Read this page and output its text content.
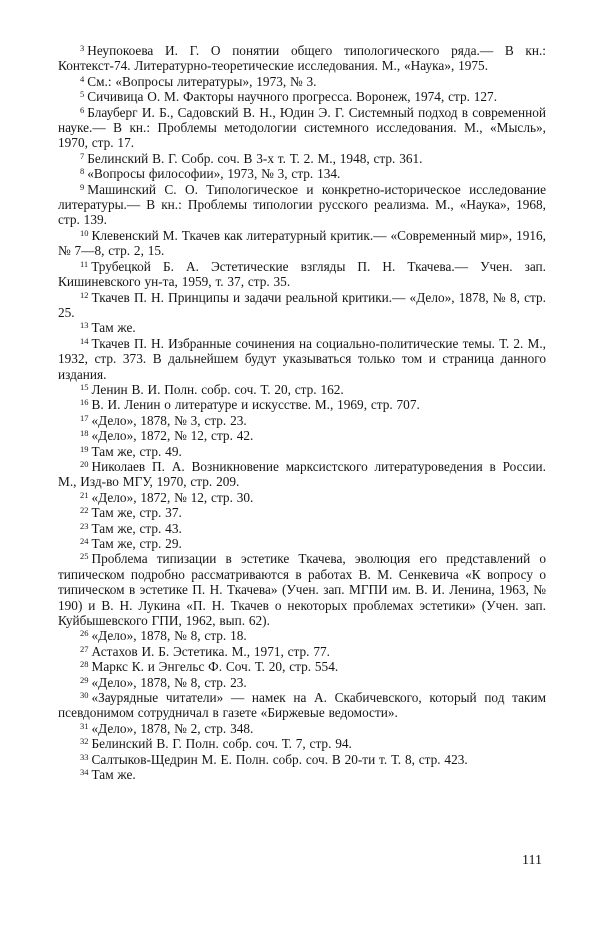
$^3$ Неупокоева И. Г. О понятии общего типологического ряда.— В кн.: Контекст-74. Литературно-теоретические исследования. М., «Наука», 1975.
$^4$ См.: «Вопросы литературы», 1973, № 3.
$^5$ Сичивица О. М. Факторы научного прогресса. Воронеж, 1974, стр. 127.
$^6$ Блауберг И. Б., Садовский В. Н., Юдин Э. Г. Системный подход в современной науке.— В кн.: Проблемы методологии системного исследования. М., «Мысль», 1970, стр. 17.
$^7$ Белинский В. Г. Собр. соч. В 3-х т. Т. 2. М., 1948, стр. 361.
$^8$ «Вопросы философии», 1973, № 3, стр. 134.
$^9$ Машинский С. О. Типологическое и конкретно-историческое исследование литературы.— В кн.: Проблемы типологии русского реализма. М., «Наука», 1968, стр. 139.
$^{10}$ Клевенский М. Ткачев как литературный критик.— «Современный мир», 1916, № 7—8, стр. 2, 15.
$^{11}$ Трубецкой Б. А. Эстетические взгляды П. Н. Ткачева.— Учен. зап. Кишиневского ун-та, 1959, т. 37, стр. 35.
$^{12}$ Ткачев П. Н. Принципы и задачи реальной критики.— «Дело», 1878, № 8, стр. 25.
$^{13}$ Там же.
$^{14}$ Ткачев П. Н. Избранные сочинения на социально-политические темы. Т. 2. М., 1932, стр. 373. В дальнейшем будут указываться только том и страница данного издания.
$^{15}$ Ленин В. И. Полн. собр. соч. Т. 20, стр. 162.
$^{16}$ В. И. Ленин о литературе и искусстве. М., 1969, стр. 707.
$^{17}$ «Дело», 1878, № 3, стр. 23.
$^{18}$ «Дело», 1872, № 12, стр. 42.
$^{19}$ Там же, стр. 49.
$^{20}$ Николаев П. А. Возникновение марксистского литературоведения в России. М., Изд-во МГУ, 1970, стр. 209.
$^{21}$ «Дело», 1872, № 12, стр. 30.
$^{22}$ Там же, стр. 37.
$^{23}$ Там же, стр. 43.
$^{24}$ Там же, стр. 29.
$^{25}$ Проблема типизации в эстетике Ткачева, эволюция его представлений о типическом подробно рассматриваются в работах В. М. Сенкевича «К вопросу о типическом в эстетике П. Н. Ткачева» (Учен. зап. МГПИ им. В. И. Ленина, 1963, № 190) и В. Н. Лукина «П. Н. Ткачев о некоторых проблемах эстетики» (Учен. зап. Куйбышевского ГПИ, 1962, вып. 62).
$^{26}$ «Дело», 1878, № 8, стр. 18.
$^{27}$ Астахов И. Б. Эстетика. М., 1971, стр. 77.
$^{28}$ Маркс К. и Энгельс Ф. Соч. Т. 20, стр. 554.
$^{29}$ «Дело», 1878, № 8, стр. 23.
$^{30}$ «Заурядные читатели» — намек на А. Скабичевского, который под таким псевдонимом сотрудничал в газете «Биржевые ведомости».
$^{31}$ «Дело», 1878, № 2, стр. 348.
$^{32}$ Белинский В. Г. Полн. собр. соч. Т. 7, стр. 94.
$^{33}$ Салтыков-Щедрин М. Е. Полн. собр. соч. В 20-ти т. Т. 8, стр. 423.
$^{34}$ Там же.
111
